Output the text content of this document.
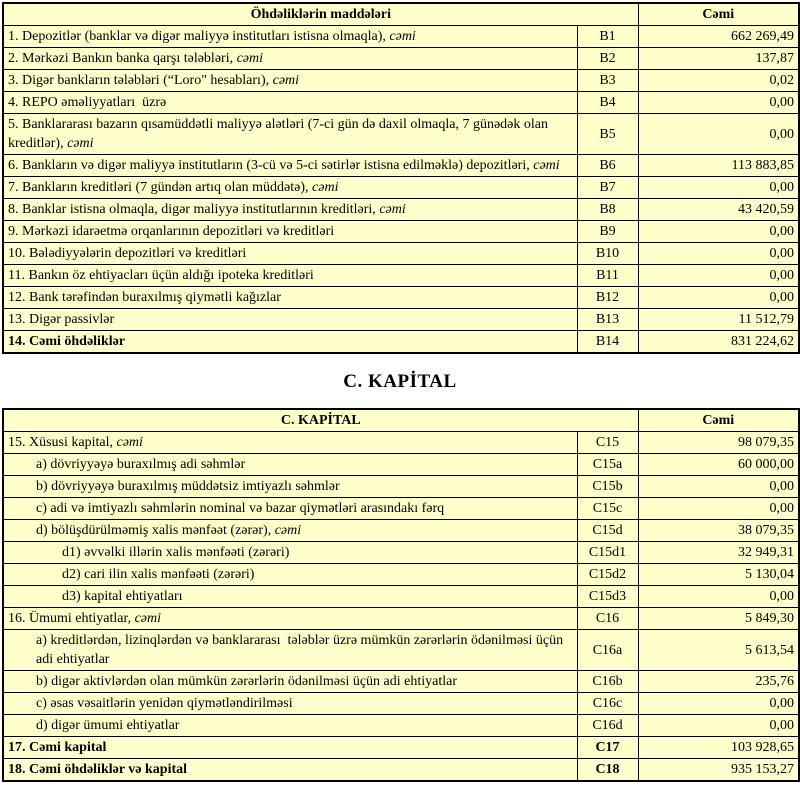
Öhdəliklərin maddələri		Cəmi
1. Depozitlər (banklar və digər maliyyə institutları istisna olmaqla), cəmi	B1	662 269,49
2. Mərkəzi Bankın banka qarşı tələbləri, cəmi	B2	137,87
3. Digər bankların tələbləri (“Loro" hesabları), cəmi	B3	0,02
4. REPO əməliyyatları  üzrə	B4	0,00
5. Banklararası bazarın qısamüddətli maliyyə alətləri (7-ci gün də daxil olmaqla, 7 günədək olan kreditlər), cəmi	B5	0,00
6. Bankların və digər maliyyə institutların (3-cü və 5-ci sətirlər istisna edilməklə) depozitləri, cəmi	B6	113 883,85
7. Bankların kreditləri (7 gündən artıq olan müddətə), cəmi	B7	0,00
8. Banklar istisna olmaqla, digər maliyyə institutlarının kreditləri, cəmi	B8	43 420,59
9. Mərkəzi idarəetmə orqanlarının depozitləri və kreditləri	B9	0,00
10. Bələdiyyələrin depozitləri və kreditləri	B10	0,00
11. Bankın öz ehtiyacları üçün aldığı ipoteka kreditləri	B11	0,00
12. Bank tərəfindən buraxılmış qiymətli kağızlar	B12	0,00
13. Digər passivlər	B13	11 512,79
14. Cəmi öhdəliklər	B14	831 224,62
C. KAPİTAL
C. KAPİTAL		Cəmi
15. Xüsusi kapital, cəmi	C15	98 079,35
a) dövriyyəyə buraxılmış adi səhmlər	C15a	60 000,00
b) dövriyyəyə buraxılmış müddətsiz imtiyazlı səhmlər	C15b	0,00
c) adi və imtiyazlı səhmlərin nominal və bazar qiymətləri arasındakı fərq	C15c	0,00
d) bölüşdürülməmiş xalis mənfəət (zərər), cəmi	C15d	38 079,35
d1) əvvəlki illərin xalis mənfəəti (zərəri)	C15d1	32 949,31
d2) cari ilin xalis mənfəəti (zərəri)	C15d2	5 130,04
d3) kapital ehtiyatları	C15d3	0,00
16. Ümumi ehtiyatlar, cəmi	C16	5 849,30
a) kreditlərdən, lizinqlərdən və banklararası  tələblər üzrə mümkün zərərlərin ödənilməsi üçün adi ehtiyatlar	C16a	5 613,54
b) digər aktivlərdən olan mümkün zərərlərin ödənilməsi üçün adi ehtiyatlar	C16b	235,76
c) əsas vəsaitlərin yenidən qiymətləndirilməsi	C16c	0,00
d) digər ümumi ehtiyatlar	C16d	0,00
17. Cəmi kapital	C17	103 928,65
18. Cəmi öhdəliklər və kapital	C18	935 153,27
